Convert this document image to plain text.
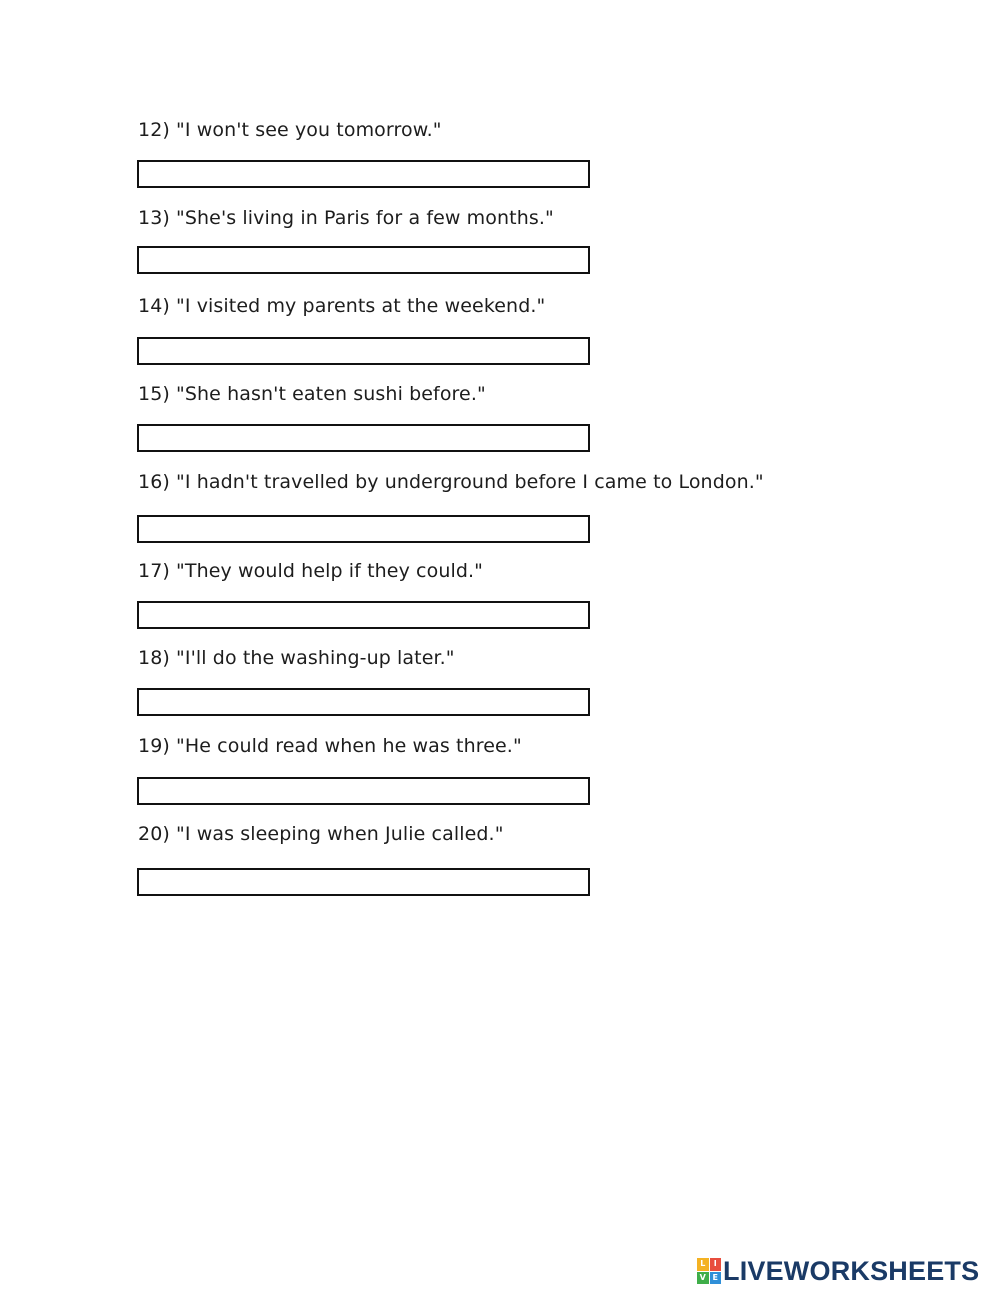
12) "I won't see you tomorrow."
13) "She's living in Paris for a few months."
14) "I visited my parents at the weekend."
15) "She hasn't eaten sushi before."
16) "I hadn't travelled by underground before I came to London."
17) "They would help if they could."
18) "I'll do the washing-up later."
19) "He could read when he was three."
20) "I was sleeping when Julie called."
L	I
V E LIVEWORKSHEETS
